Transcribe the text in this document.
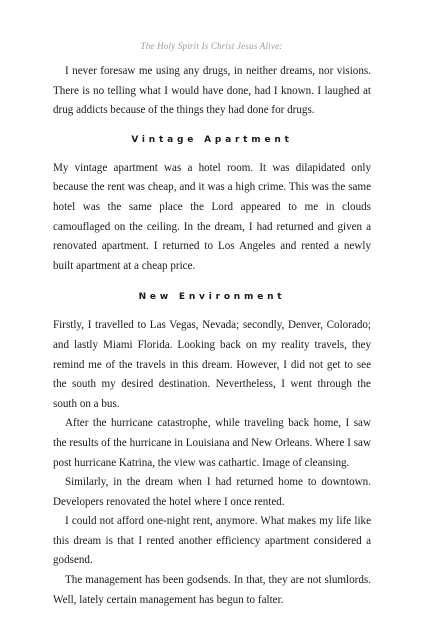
The Holy Spirit Is Christ Jesus Alive:

I never foresaw me using any drugs, in neither dreams, nor visions. There is no telling what I would have done, had I known. I laughed at drug addicts because of the things they had done for drugs.

Vintage Apartment

My vintage apartment was a hotel room. It was dilapidated only because the rent was cheap, and it was a high crime. This was the same hotel was the same place the Lord appeared to me in clouds camouflaged on the ceiling. In the dream, I had returned and given a renovated apartment. I returned to Los Angeles and rented a newly built apartment at a cheap price.

New Environment

Firstly, I travelled to Las Vegas, Nevada; secondly, Denver, Colorado; and lastly Miami Florida. Looking back on my reality travels, they remind me of the travels in this dream. However, I did not get to see the south my desired destination. Nevertheless, I went through the south on a bus.

After the hurricane catastrophe, while traveling back home, I saw the results of the hurricane in Louisiana and New Orleans. Where I saw post hurricane Katrina, the view was cathartic. Image of cleansing.

Similarly, in the dream when I had returned home to downtown. Developers renovated the hotel where I once rented.

I could not afford one-night rent, anymore. What makes my life like this dream is that I rented another efficiency apartment considered a godsend.

The management has been godsends. In that, they are not slumlords. Well, lately certain management has begun to falter.
